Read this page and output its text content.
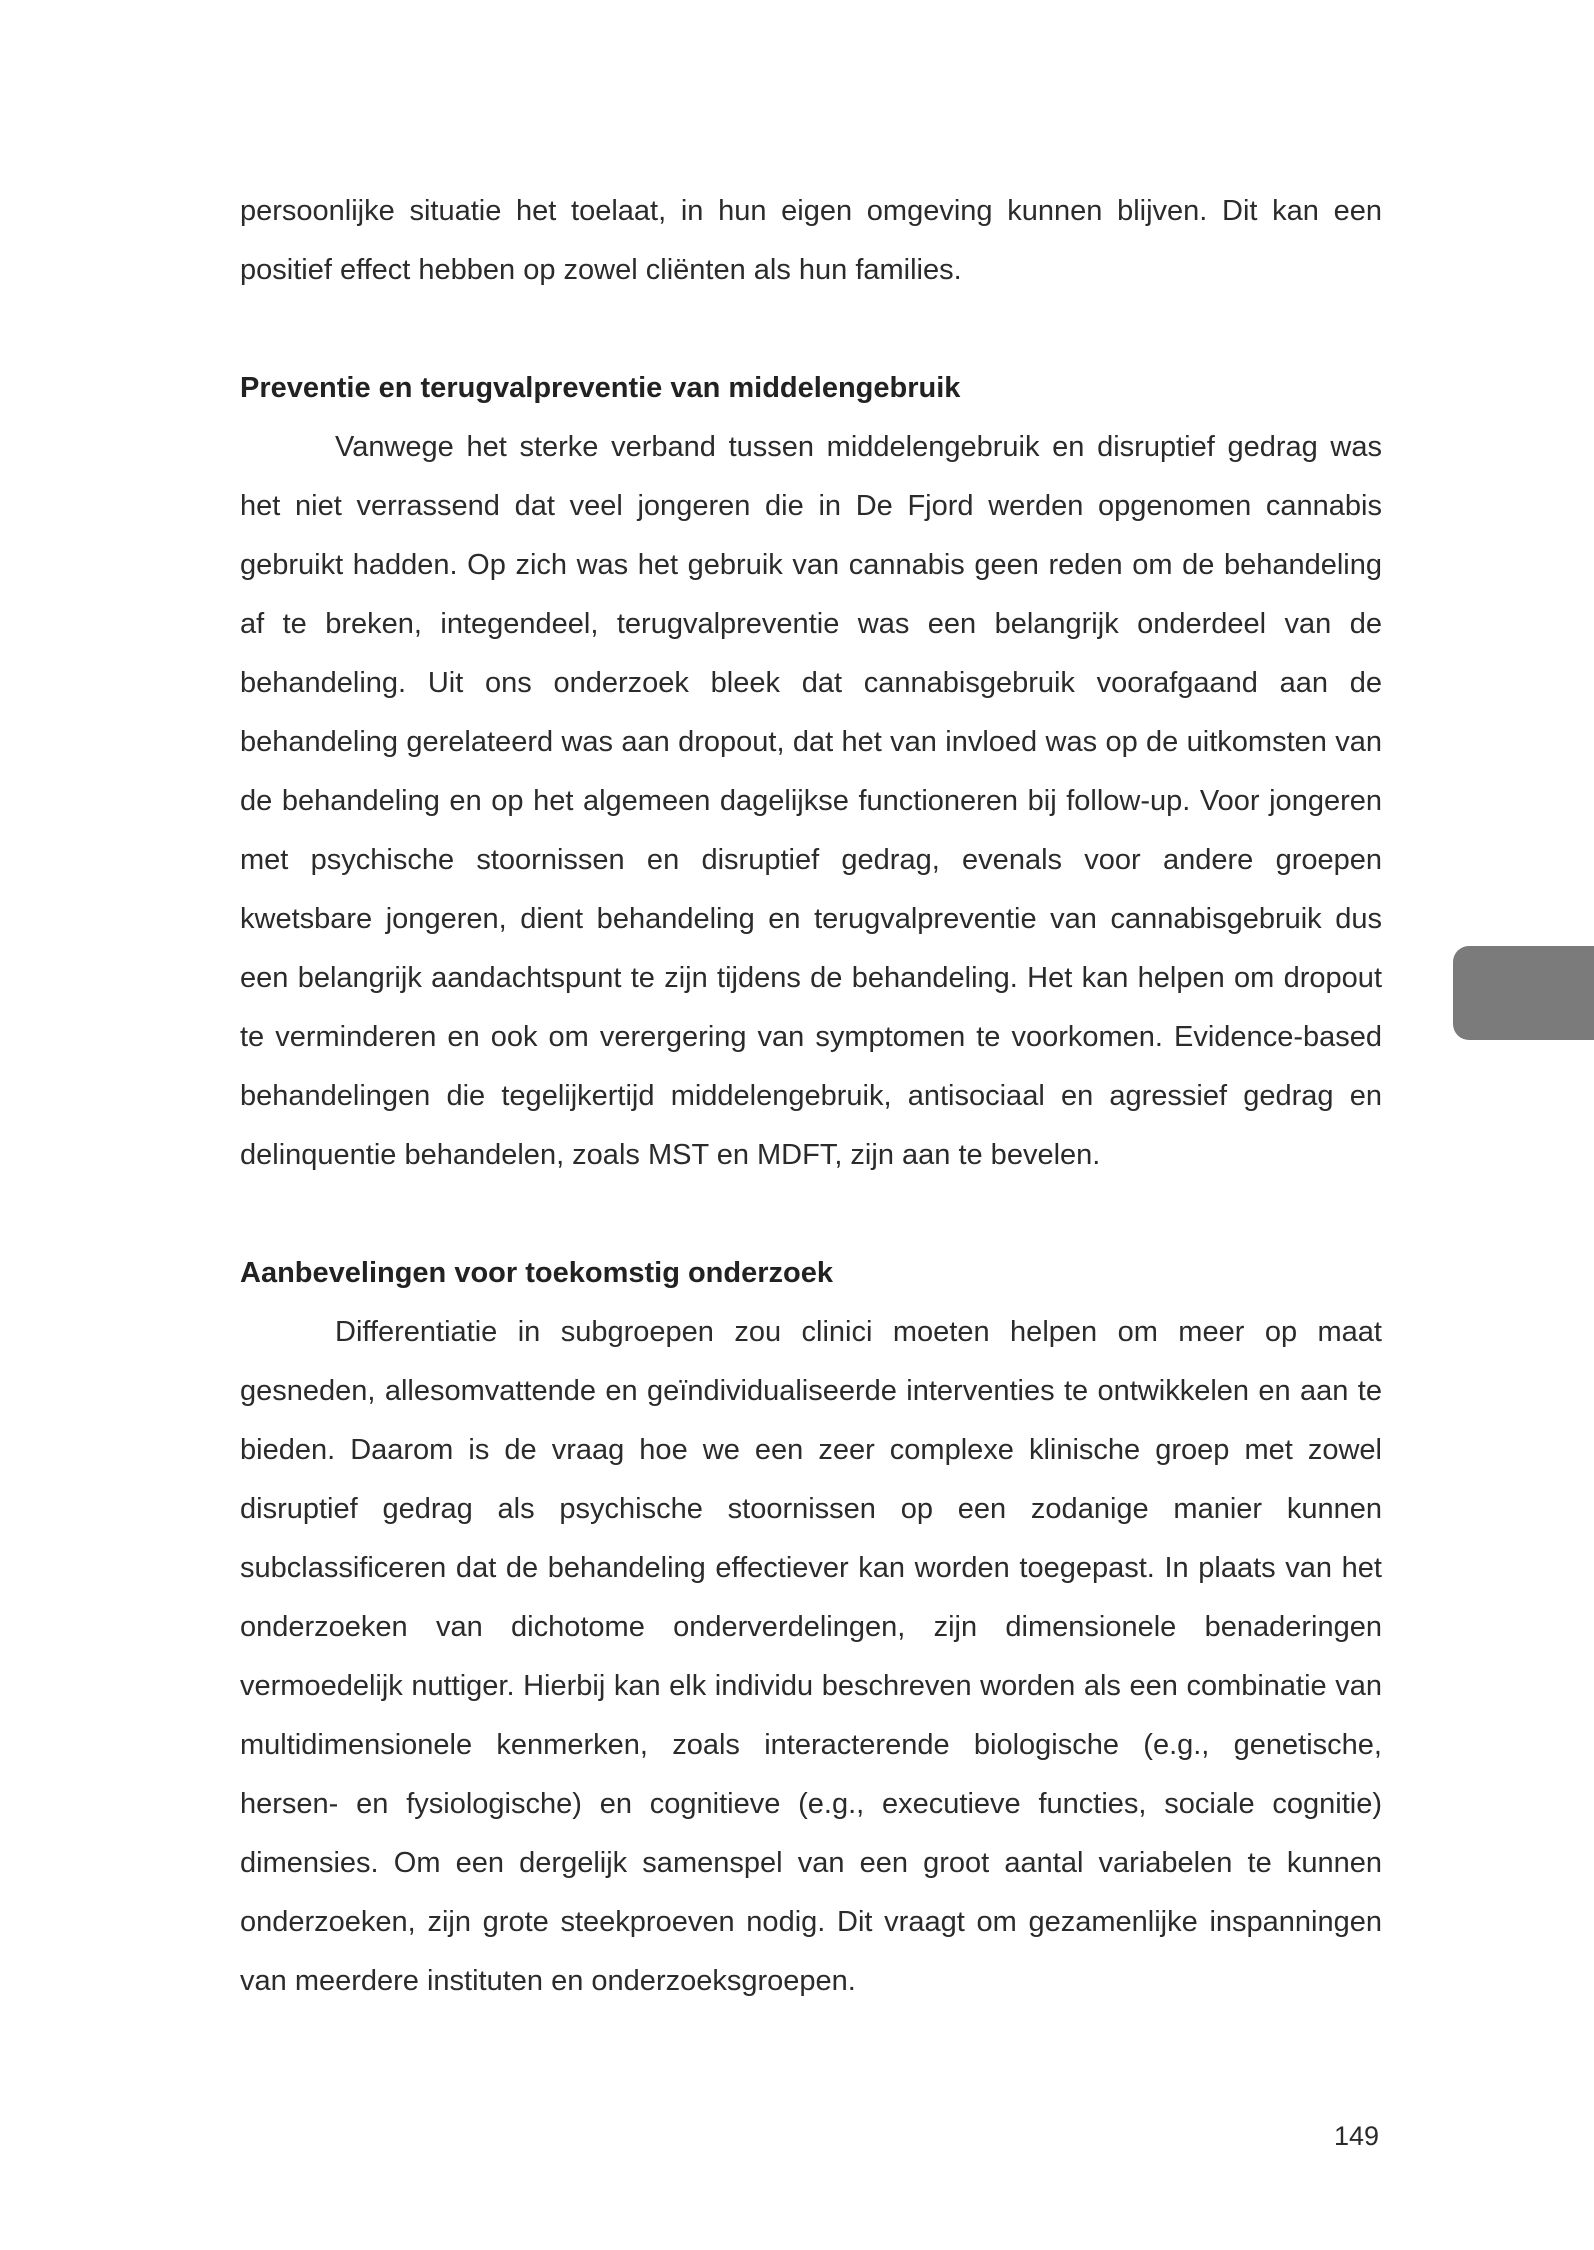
persoonlijke situatie het toelaat, in hun eigen omgeving kunnen blijven. Dit kan een positief effect hebben op zowel cliënten als hun families.

Preventie en terugvalpreventie van middelengebruik

Vanwege het sterke verband tussen middelengebruik en disruptief gedrag was het niet verrassend dat veel jongeren die in De Fjord werden opgenomen cannabis gebruikt hadden. Op zich was het gebruik van cannabis geen reden om de behandeling af te breken, integendeel, terugvalpreventie was een belangrijk onderdeel van de behandeling. Uit ons onderzoek bleek dat cannabisgebruik voorafgaand aan de behandeling gerelateerd was aan dropout, dat het van invloed was op de uitkomsten van de behandeling en op het algemeen dagelijkse functioneren bij follow-up. Voor jongeren met psychische stoornissen en disruptief gedrag, evenals voor andere groepen kwetsbare jongeren, dient behandeling en terugvalpreventie van cannabisgebruik dus een belangrijk aandachtspunt te zijn tijdens de behandeling. Het kan helpen om dropout te verminderen en ook om verergering van symptomen te voorkomen. Evidence-based behandelingen die tegelijkertijd middelengebruik, antisociaal en agressief gedrag en delinquentie behandelen, zoals MST en MDFT, zijn aan te bevelen.

Aanbevelingen voor toekomstig onderzoek

Differentiatie in subgroepen zou clinici moeten helpen om meer op maat gesneden, allesomvattende en geïndividualiseerde interventies te ontwikkelen en aan te bieden. Daarom is de vraag hoe we een zeer complexe klinische groep met zowel disruptief gedrag als psychische stoornissen op een zodanige manier kunnen subclassificeren dat de behandeling effectiever kan worden toegepast. In plaats van het onderzoeken van dichotome onderverdelingen, zijn dimensionele benaderingen vermoedelijk nuttiger. Hierbij kan elk individu beschreven worden als een combinatie van multidimensionele kenmerken, zoals interacterende biologische (e.g., genetische, hersen- en fysiologische) en cognitieve (e.g., executieve functies, sociale cognitie) dimensies. Om een dergelijk samenspel van een groot aantal variabelen te kunnen onderzoeken, zijn grote steekproeven nodig. Dit vraagt om gezamenlijke inspanningen van meerdere instituten en onderzoeksgroepen.

149
